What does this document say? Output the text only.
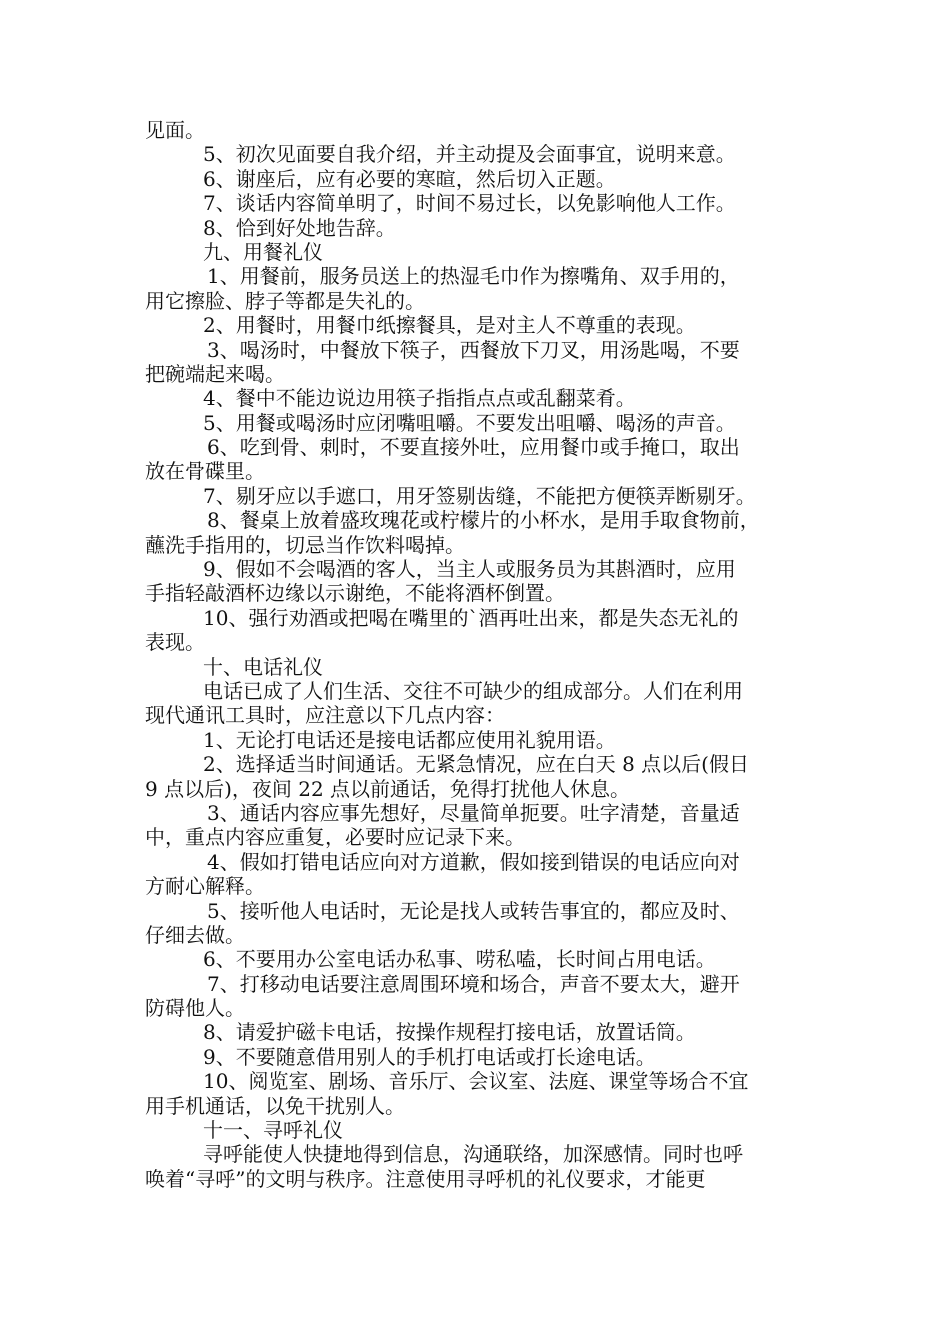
见面。
5、初次见面要自我介绍，并主动提及会面事宜，说明来意。
6、谢座后，应有必要的寒暄，然后切入正题。
7、谈话内容简单明了，时间不易过长，以免影响他人工作。
8、恰到好处地告辞。
九、用餐礼仪
1、用餐前，服务员送上的热湿毛巾作为擦嘴角、双手用的，
用它擦脸、脖子等都是失礼的。
2、用餐时，用餐巾纸擦餐具，是对主人不尊重的表现。
3、喝汤时，中餐放下筷子，西餐放下刀叉，用汤匙喝，不要
把碗端起来喝。
4、餐中不能边说边用筷子指指点点或乱翻菜肴。
5、用餐或喝汤时应闭嘴咀嚼。不要发出咀嚼、喝汤的声音。
6、吃到骨、刺时，不要直接外吐，应用餐巾或手掩口，取出
放在骨碟里。
7、剔牙应以手遮口，用牙签剔齿缝，不能把方便筷弄断剔牙。
8、餐桌上放着盛玫瑰花或柠檬片的小杯水，是用手取食物前，
蘸洗手指用的，切忌当作饮料喝掉。
9、假如不会喝酒的客人，当主人或服务员为其斟酒时，应用
手指轻敲酒杯边缘以示谢绝，不能将酒杯倒置。
10、强行劝酒或把喝在嘴里的`酒再吐出来，都是失态无礼的
表现。
十、电话礼仪
电话已成了人们生活、交往不可缺少的组成部分。人们在利用
现代通讯工具时，应注意以下几点内容：
1、无论打电话还是接电话都应使用礼貌用语。
2、选择适当时间通话。无紧急情况，应在白天 8 点以后(假日
9 点以后)，夜间 22 点以前通话，免得打扰他人休息。
3、通话内容应事先想好，尽量简单扼要。吐字清楚，音量适
中，重点内容应重复，必要时应记录下来。
4、假如打错电话应向对方道歉，假如接到错误的电话应向对
方耐心解释。
5、接听他人电话时，无论是找人或转告事宜的，都应及时、
仔细去做。
6、不要用办公室电话办私事、唠私嗑，长时间占用电话。
7、打移动电话要注意周围环境和场合，声音不要太大，避开
防碍他人。
8、请爱护磁卡电话，按操作规程打接电话，放置话筒。
9、不要随意借用别人的手机打电话或打长途电话。
10、阅览室、剧场、音乐厅、会议室、法庭、课堂等场合不宜
用手机通话，以免干扰别人。
十一、寻呼礼仪
寻呼能使人快捷地得到信息，沟通联络，加深感情。同时也呼
唤着“寻呼”的文明与秩序。注意使用寻呼机的礼仪要求，才能更
